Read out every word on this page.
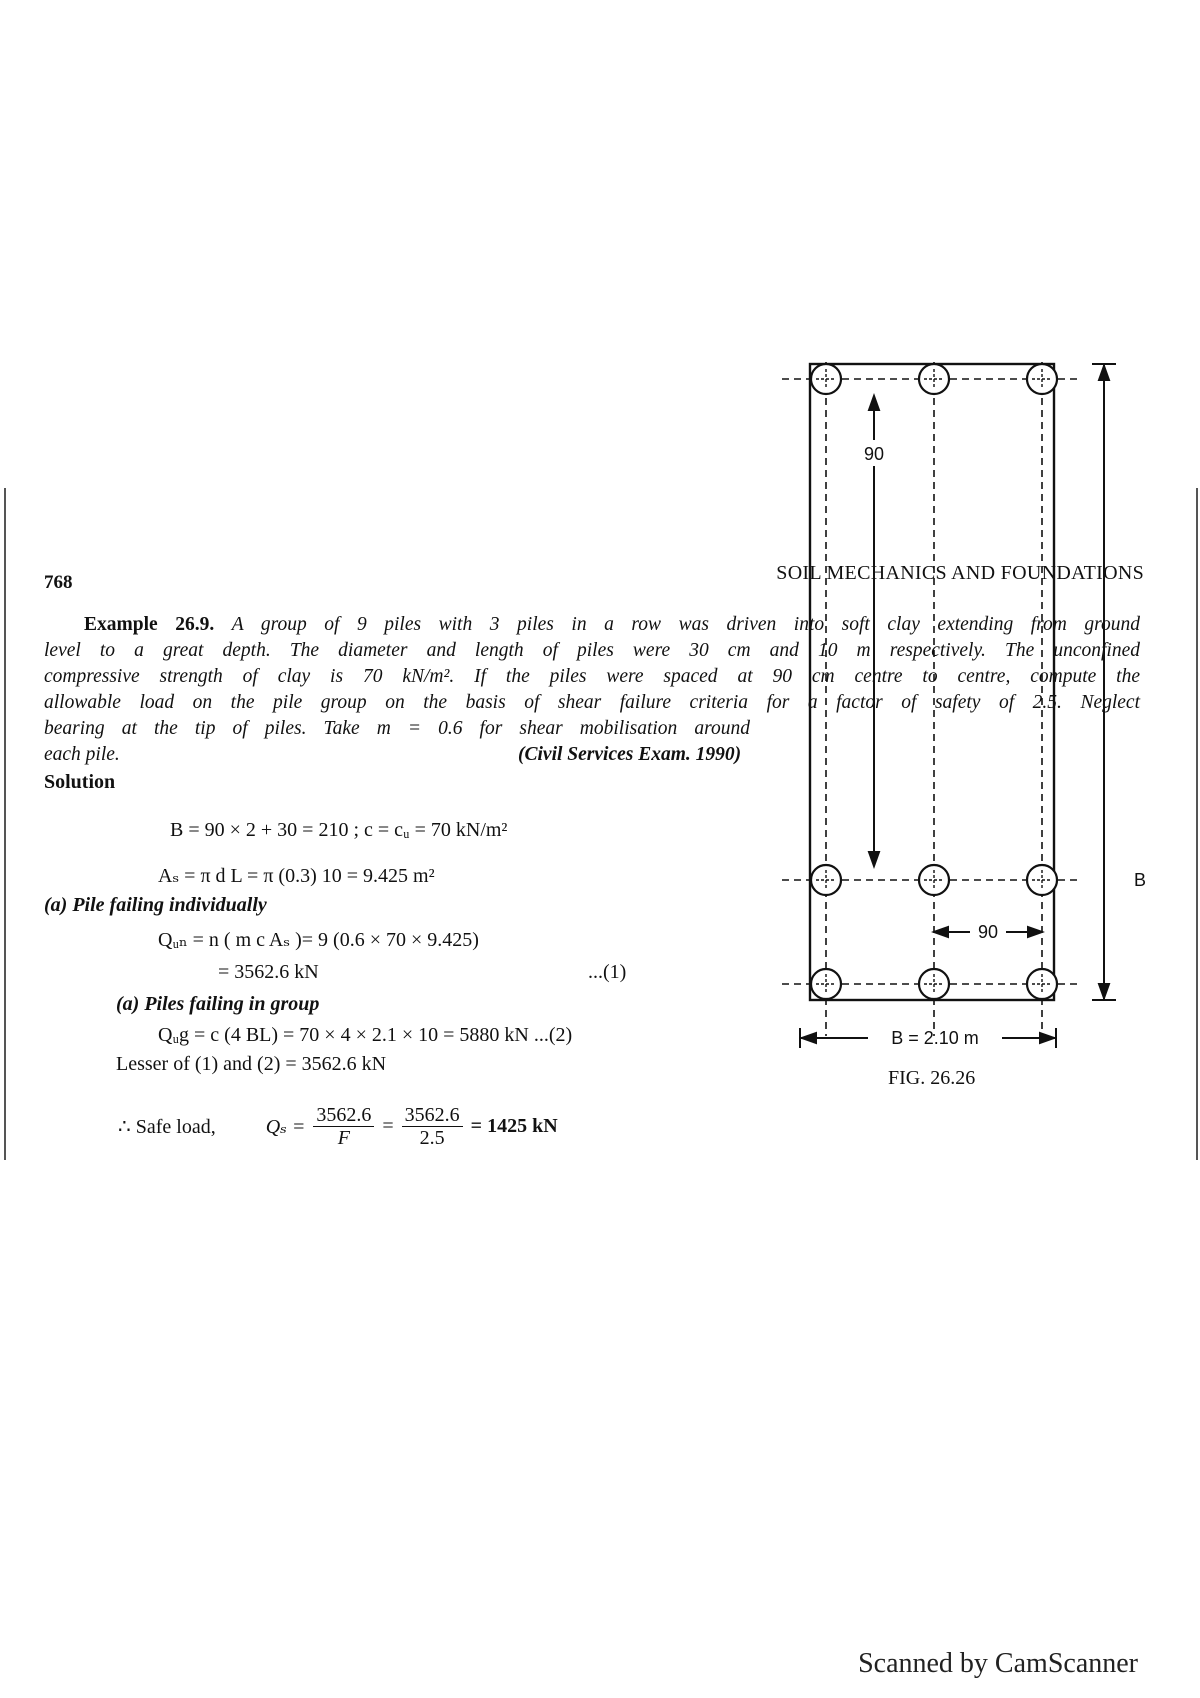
768	SOIL MECHANICS AND FOUNDATIONS
Example 26.9. A group of 9 piles with 3 piles in a row was driven into soft clay extending from ground
level to a great depth. The diameter and length of piles were 30 cm and 10 m respectively. The unconfined
compressive strength of clay is 70 kN/m². If the piles were spaced at 90 cm centre to centre, compute the
allowable load on the pile group on the basis of shear failure criteria for a factor of safety of 2.5. Neglect
bearing at the tip of piles. Take m = 0.6 for shear mobilisation around
each pile.	(Civil Services Exam. 1990)
Solution
B = 90 × 2 + 30 = 210 ; c = cᵤ = 70 kN/m²
Aₛ = π d L = π (0.3) 10 = 9.425 m²
(a) Pile failing individually
Qᵤₙ = n ( m c Aₛ )= 9 (0.6 × 70 × 9.425)
= 3562.6 kN	...(1)
(a) Piles failing in group
Qᵤg = c (4 BL) = 70 × 4 × 2.1 × 10 = 5880 kN ...(2)
Lesser of (1) and (2) = 3562.6 kN
∴ Safe load,	$Q_s = \frac{3562.6}{F} = \frac{3562.6}{2.5} = 1425$ kN
90
90
B
B = 2.10 m
FIG. 26.26
Scanned by CamScanner
